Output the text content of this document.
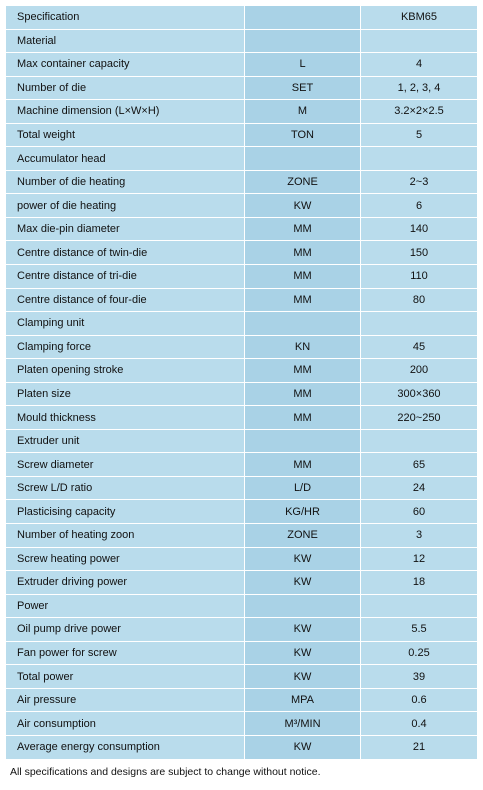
Specification		KBM65
Material		
Max container capacity	L	4
Number of die	SET	1, 2, 3, 4
Machine dimension (L×W×H)	M	3.2×2×2.5
Total weight	TON	5
Accumulator head		
Number of die heating	ZONE	2~3
power of die heating	KW	6
Max die-pin diameter	MM	140
Centre distance of twin-die	MM	150
Centre distance of tri-die	MM	110
Centre distance of four-die	MM	80
Clamping unit		
Clamping force	KN	45
Platen opening stroke	MM	200
Platen size	MM	300×360
Mould thickness	MM	220~250
Extruder unit		
Screw diameter	MM	65
Screw L/D ratio	L/D	24
Plasticising capacity	KG/HR	60
Number of heating zoon	ZONE	3
Screw heating power	KW	12
Extruder driving power	KW	18
Power		
Oil pump drive power	KW	5.5
Fan power for screw	KW	0.25
Total power	KW	39
Air pressure	MPA	0.6
Air consumption	M³/MIN	0.4
Average energy consumption	KW	21
All specifications and designs are subject to change without notice.
